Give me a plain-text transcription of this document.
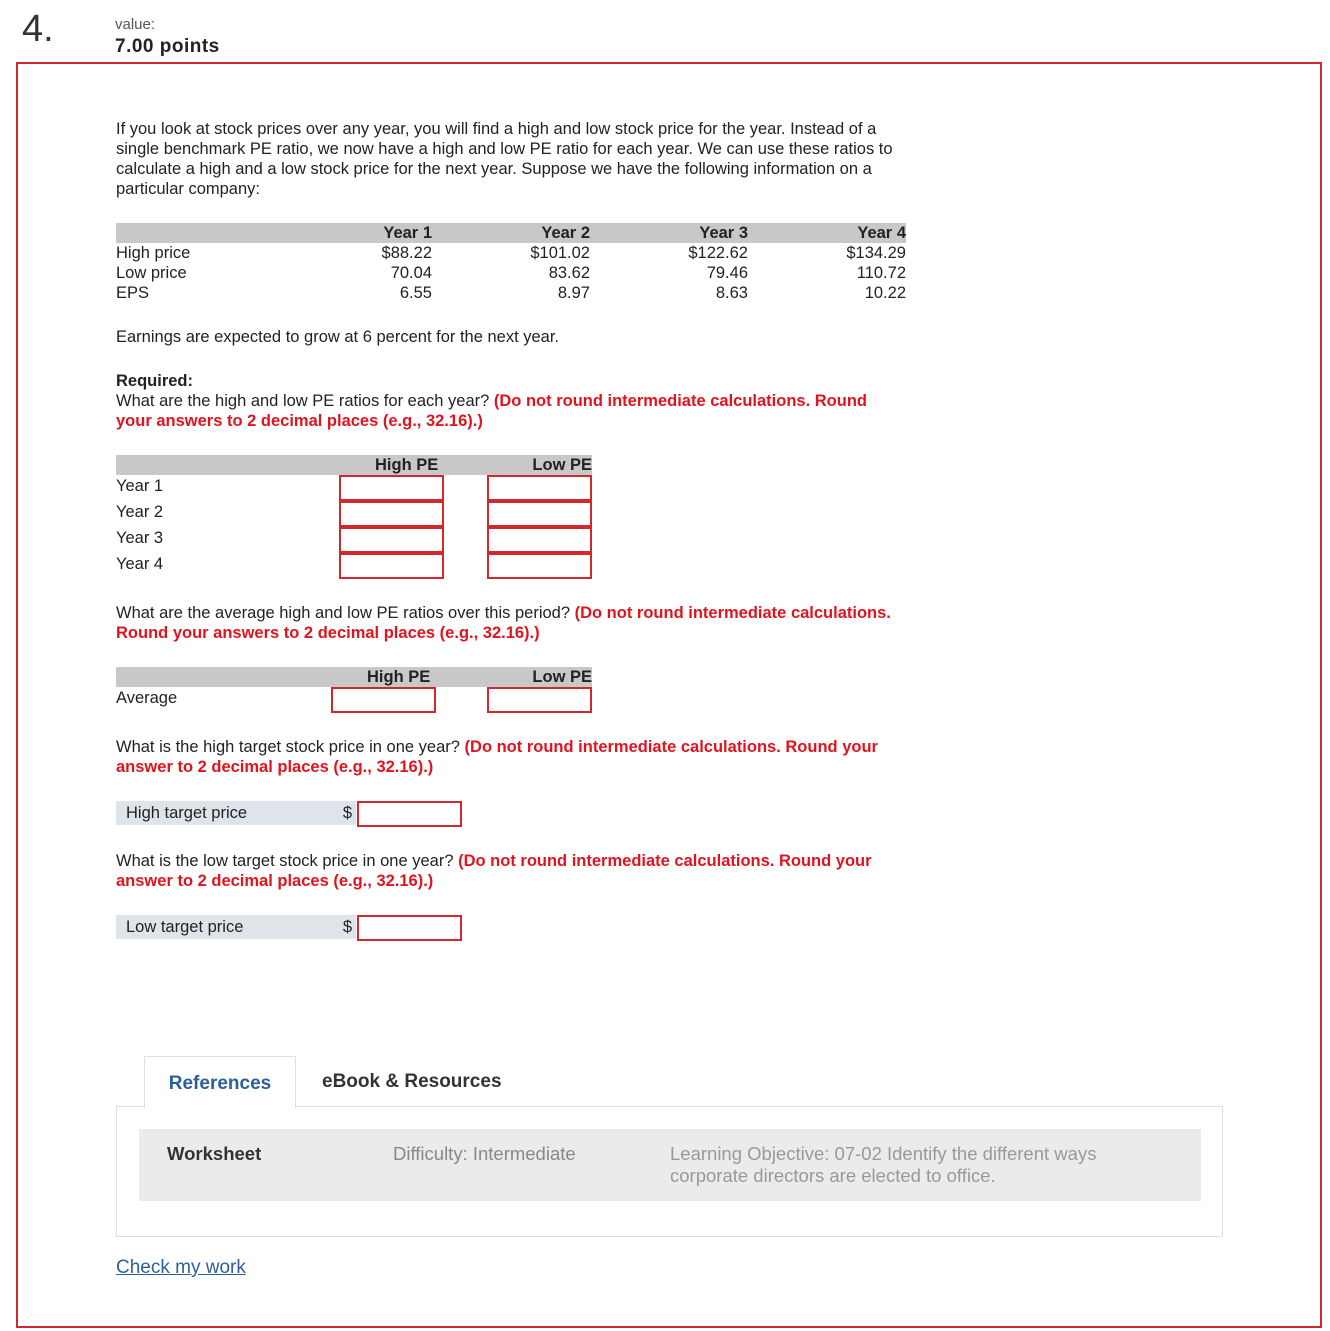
4.	value:
7.00 points
If you look at stock prices over any year, you will find a high and low stock price for the year. Instead of a
single benchmark PE ratio, we now have a high and low PE ratio for each year. We can use these ratios to
calculate a high and a low stock price for the next year. Suppose we have the following information on a
particular company:
Year 1	Year 2	Year 3	Year 4
High price	$88.22	$101.02	$122.62	$134.29
Low price	70.04	83.62	79.46	110.72
EPS	6.55	8.97	8.63	10.22
Earnings are expected to grow at 6 percent for the next year.
Required:
What are the high and low PE ratios for each year? (Do not round intermediate calculations. Round
your answers to 2 decimal places (e.g., 32.16).)
High PE	Low PE
Year 1
Year 2
Year 3
Year 4
What are the average high and low PE ratios over this period? (Do not round intermediate calculations.
Round your answers to 2 decimal places (e.g., 32.16).)
High PE	Low PE
Average
What is the high target stock price in one year? (Do not round intermediate calculations. Round your
answer to 2 decimal places (e.g., 32.16).)
High target price	$
What is the low target stock price in one year? (Do not round intermediate calculations. Round your
answer to 2 decimal places (e.g., 32.16).)
Low target price	$
References	eBook & Resources
Worksheet	Difficulty: Intermediate	Learning Objective: 07-02 Identify the different ways
corporate directors are elected to office.
Check my work
